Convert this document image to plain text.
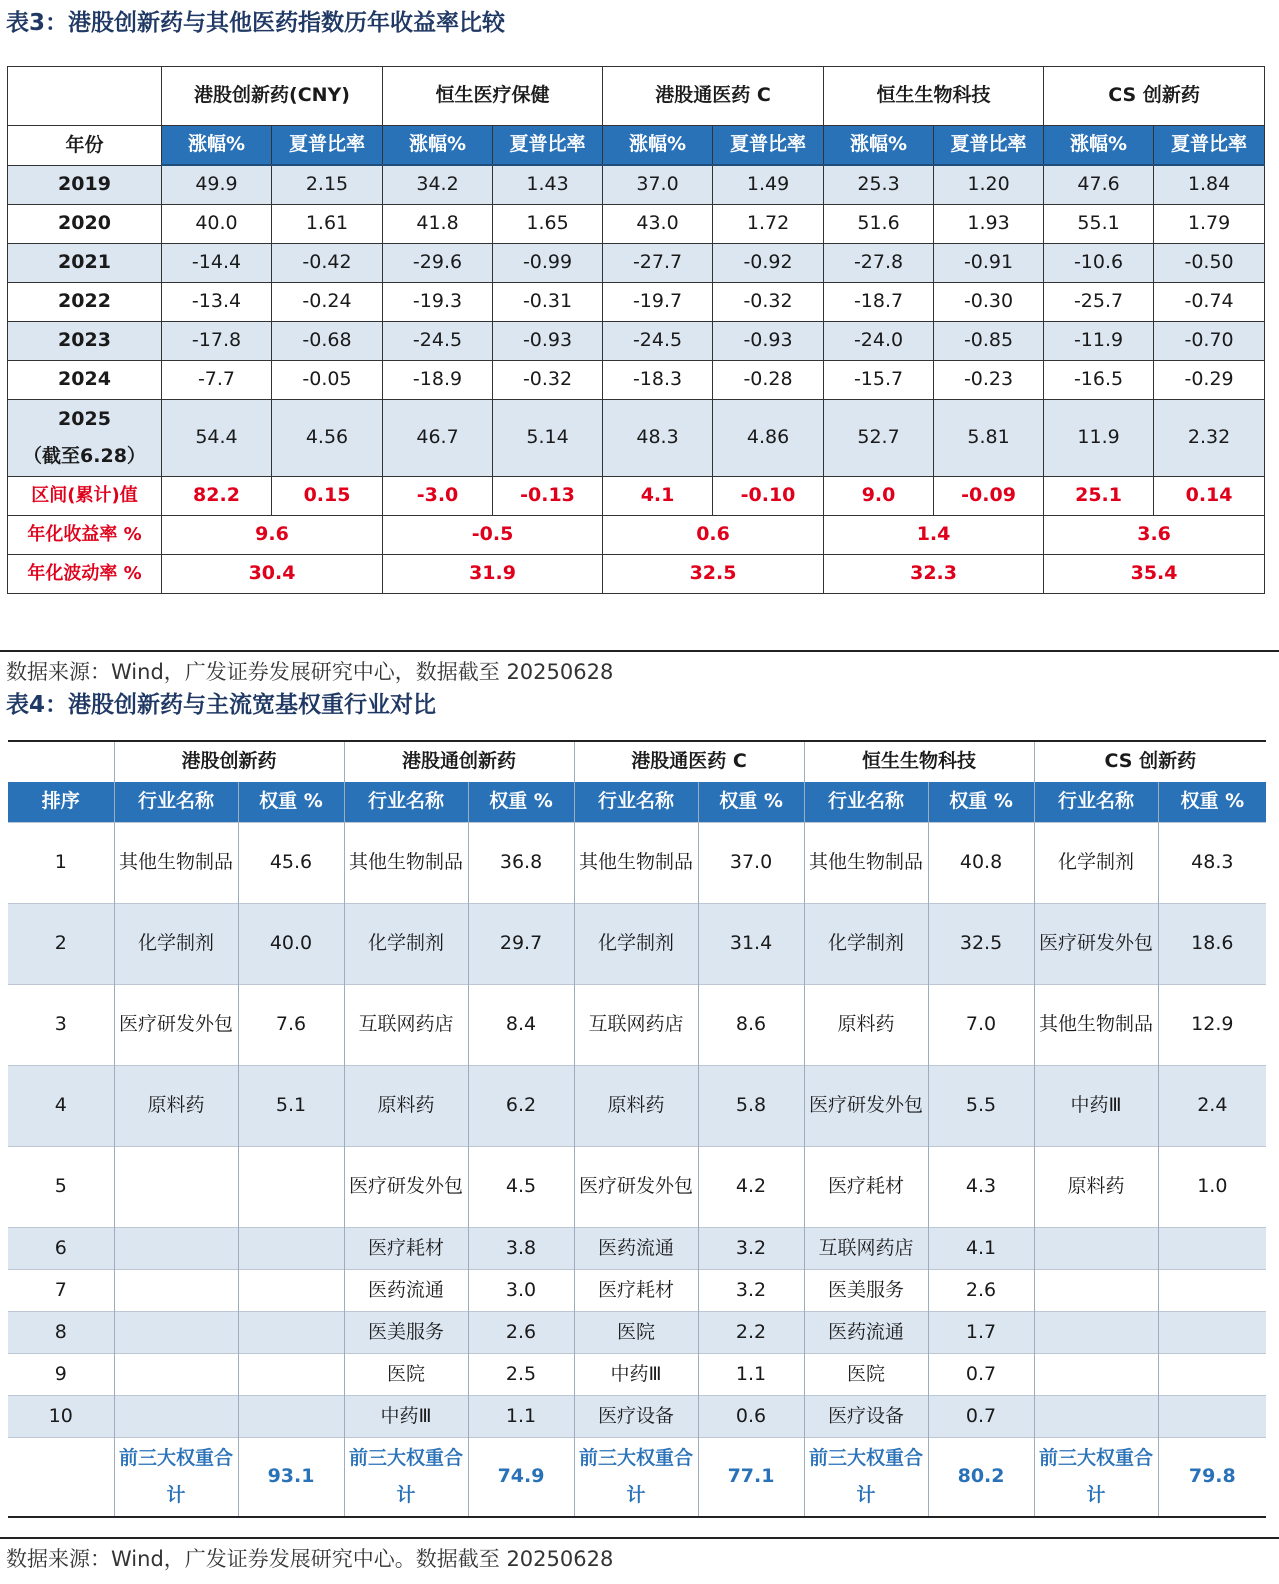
表3：港股创新药与其他医药指数历年收益率比较
	港股创新药(CNY)		恒生医疗保健		港股通医药 C		恒生生物科技		CS 创新药	
年份	涨幅%	夏普比率	涨幅%	夏普比率	涨幅%	夏普比率	涨幅%	夏普比率	涨幅%	夏普比率

2019	49.9	2.15	34.2	1.43	37.0	1.49	25.3	1.20	47.6	1.84

2020	40.0	1.61	41.8	1.65	43.0	1.72	51.6	1.93	55.1	1.79

2021	-14.4	-0.42	-29.6	-0.99	-27.7	-0.92	-27.8	-0.91	-10.6	-0.50

2022	-13.4	-0.24	-19.3	-0.31	-19.7	-0.32	-18.7	-0.30	-25.7	-0.74

2023	-17.8	-0.68	-24.5	-0.93	-24.5	-0.93	-24.0	-0.85	-11.9	-0.70

2024	-7.7	-0.05	-18.9	-0.32	-18.3	-0.28	-15.7	-0.23	-16.5	-0.29

2025
（截至6.28）	54.4	4.56	46.7	5.14	48.3	4.86	52.7	5.81	11.9	2.32
区间(累计)值	82.2	0.15	-3.0	-0.13	4.1	-0.10	9.0	-0.09	25.1	0.14
年化收益率 %	9.6		-0.5		0.6		1.4		3.6	
年化波动率 %	30.4		31.9		32.5		32.3		35.4	
数据来源：Wind，广发证券发展研究中心，数据截至 20250628
表4：港股创新药与主流宽基权重行业对比
	港股创新药		港股通创新药		港股通医药 C		恒生生物科技		CS 创新药	
排序	行业名称	权重 %	行业名称	权重 %	行业名称	权重 %	行业名称	权重 %	行业名称	权重 %
1	其他生物制品	45.6	其他生物制品	36.8	其他生物制品	37.0	其他生物制品	40.8	化学制剂	48.3
2	化学制剂	40.0	化学制剂	29.7	化学制剂	31.4	化学制剂	32.5	医疗研发外包	18.6
3	医疗研发外包	7.6	互联网药店	8.4	互联网药店	8.6	原料药	7.0	其他生物制品	12.9
4	原料药	5.1	原料药	6.2	原料药	5.8	医疗研发外包	5.5	中药Ⅲ	2.4
5			医疗研发外包	4.5	医疗研发外包	4.2	医疗耗材	4.3	原料药	1.0
6			医疗耗材	3.8	医药流通	3.2	互联网药店	4.1		
7			医药流通	3.0	医疗耗材	3.2	医美服务	2.6		
8			医美服务	2.6	医院	2.2	医药流通	1.7		
9			医院	2.5	中药Ⅲ	1.1	医院	0.7		
10			中药Ⅲ	1.1	医疗设备	0.6	医疗设备	0.7		
	前三大权重合计	93.1	前三大权重合计	74.9	前三大权重合计	77.1	前三大权重合计	80.2	前三大权重合计	79.8
数据来源：Wind，广发证券发展研究中心。数据截至 20250628
